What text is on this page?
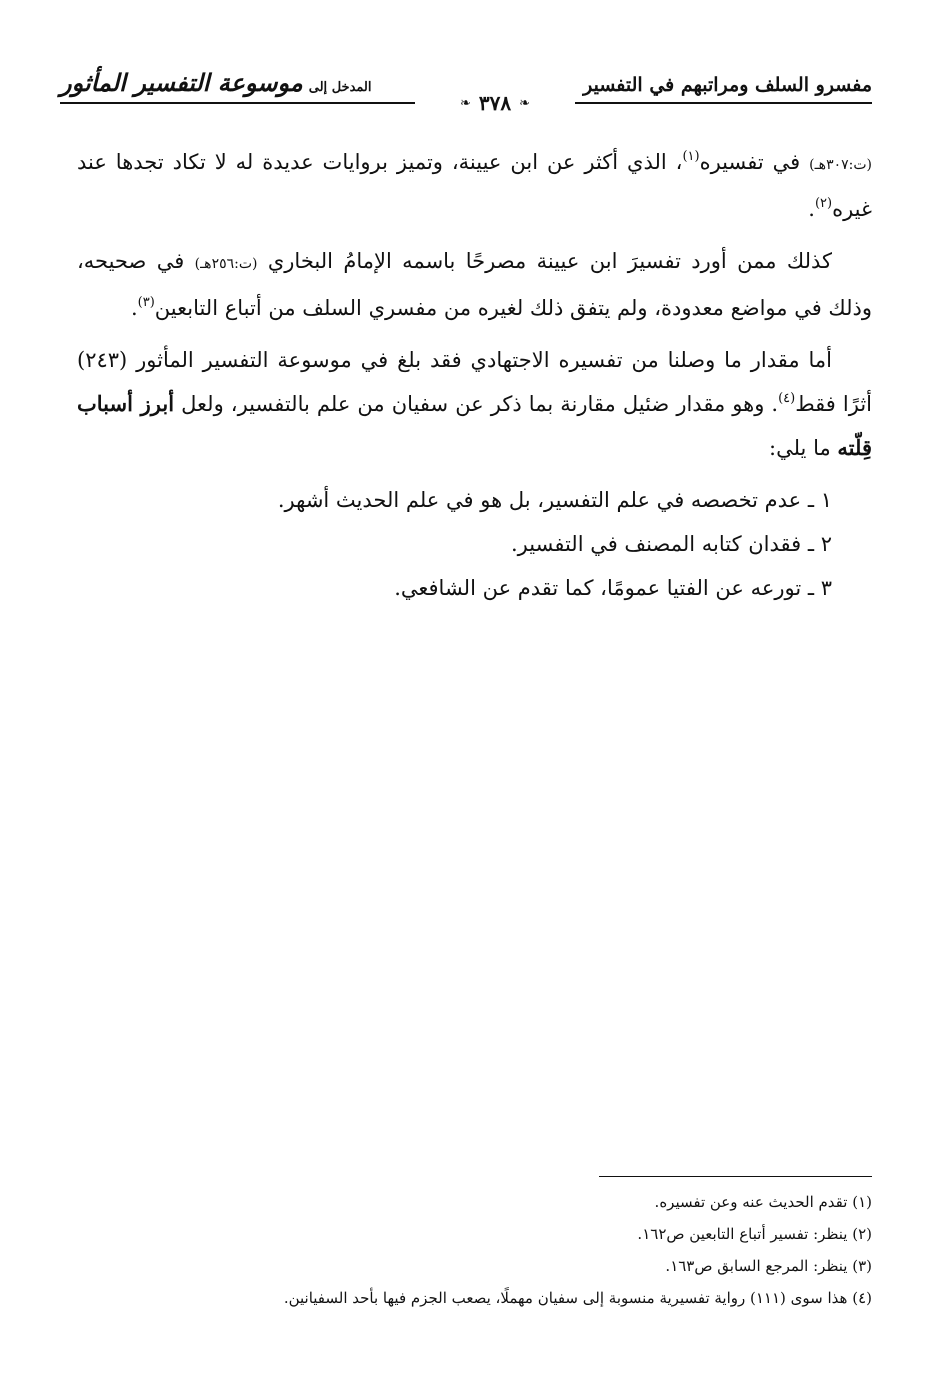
مفسرو السلف ومراتبهم في التفسير
المدخل إلى
موسوعة التفسير المأثور
❧ ٣٧٨ ❧

(ت:٣٠٧هـ) في تفسيره$^{(١)}$، الذي أكثر عن ابن عيينة، وتميز بروايات عديدة له لا تكاد تجدها عند غيره$^{(٢)}$.

كذلك ممن أورد تفسيرَ ابن عيينة مصرحًا باسمه الإمامُ البخاري (ت:٢٥٦هـ) في صحيحه، وذلك في مواضع معدودة، ولم يتفق ذلك لغيره من مفسري السلف من أتباع التابعين$^{(٣)}$.

أما مقدار ما وصلنا من تفسيره الاجتهادي فقد بلغ في موسوعة التفسير المأثور (٢٤٣) أثرًا فقط$^{(٤)}$. وهو مقدار ضئيل مقارنة بما ذكر عن سفيان من علم بالتفسير، ولعل أبرز أسباب قِلّته ما يلي:

١ ـ عدم تخصصه في علم التفسير، بل هو في علم الحديث أشهر.
٢ ـ فقدان كتابه المصنف في التفسير.
٣ ـ تورعه عن الفتيا عمومًا، كما تقدم عن الشافعي.

(١) تقدم الحديث عنه وعن تفسيره.

(٢) ينظر: تفسير أتباع التابعين ص١٦٢.

(٣) ينظر: المرجع السابق ص١٦٣.

(٤) هذا سوى (١١١) رواية تفسيرية منسوبة إلى سفيان مهملًا، يصعب الجزم فيها بأحد السفيانين.
